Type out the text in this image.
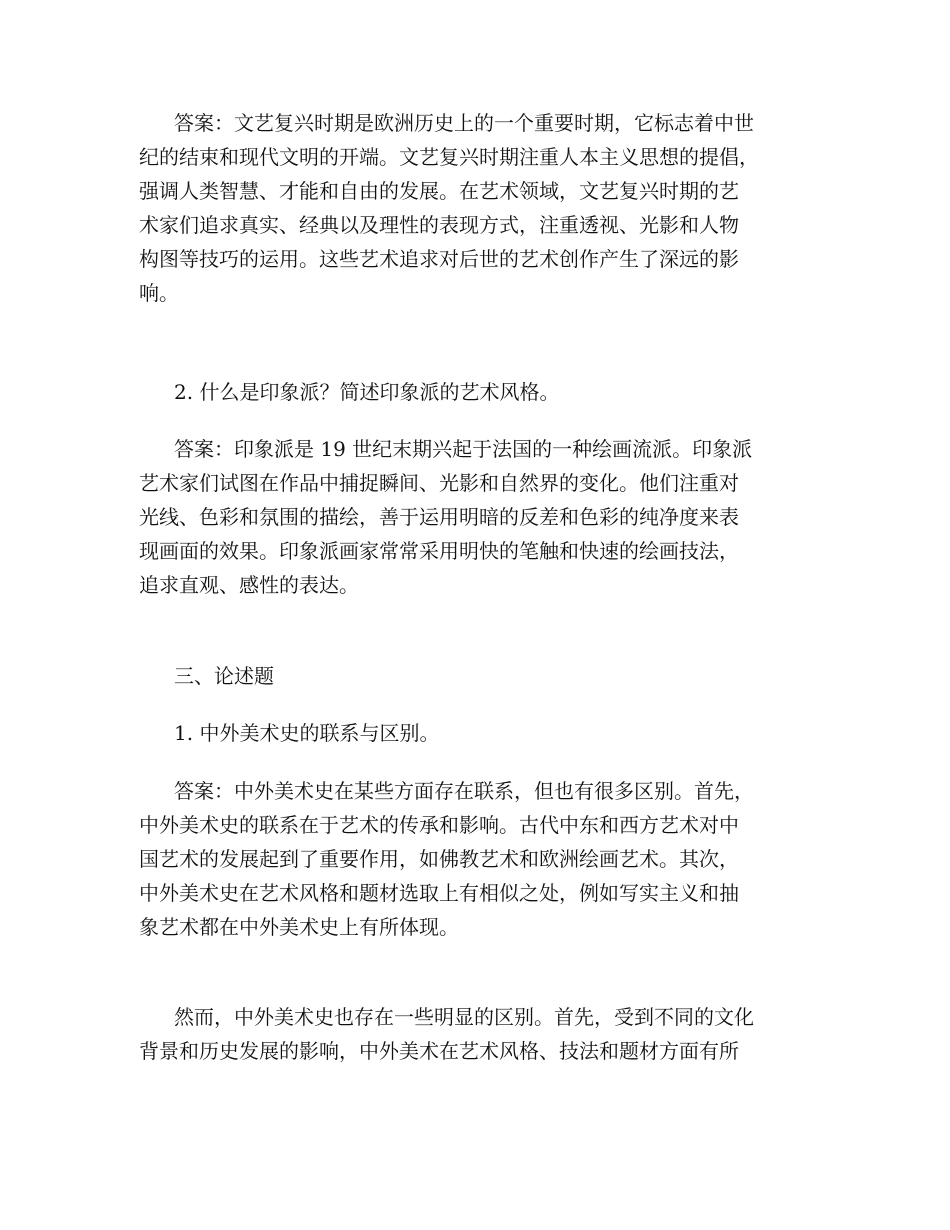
答案：文艺复兴时期是欧洲历史上的一个重要时期，它标志着中世
纪的结束和现代文明的开端。文艺复兴时期注重人本主义思想的提倡，
强调人类智慧、才能和自由的发展。在艺术领域，文艺复兴时期的艺
术家们追求真实、经典以及理性的表现方式，注重透视、光影和人物
构图等技巧的运用。这些艺术追求对后世的艺术创作产生了深远的影
响。
2. 什么是印象派？简述印象派的艺术风格。
答案：印象派是 19 世纪末期兴起于法国的一种绘画流派。印象派
艺术家们试图在作品中捕捉瞬间、光影和自然界的变化。他们注重对
光线、色彩和氛围的描绘，善于运用明暗的反差和色彩的纯净度来表
现画面的效果。印象派画家常常采用明快的笔触和快速的绘画技法，
追求直观、感性的表达。
三、论述题
1. 中外美术史的联系与区别。
答案：中外美术史在某些方面存在联系，但也有很多区别。首先，
中外美术史的联系在于艺术的传承和影响。古代中东和西方艺术对中
国艺术的发展起到了重要作用，如佛教艺术和欧洲绘画艺术。其次，
中外美术史在艺术风格和题材选取上有相似之处，例如写实主义和抽
象艺术都在中外美术史上有所体现。
然而，中外美术史也存在一些明显的区别。首先，受到不同的文化
背景和历史发展的影响，中外美术在艺术风格、技法和题材方面有所
